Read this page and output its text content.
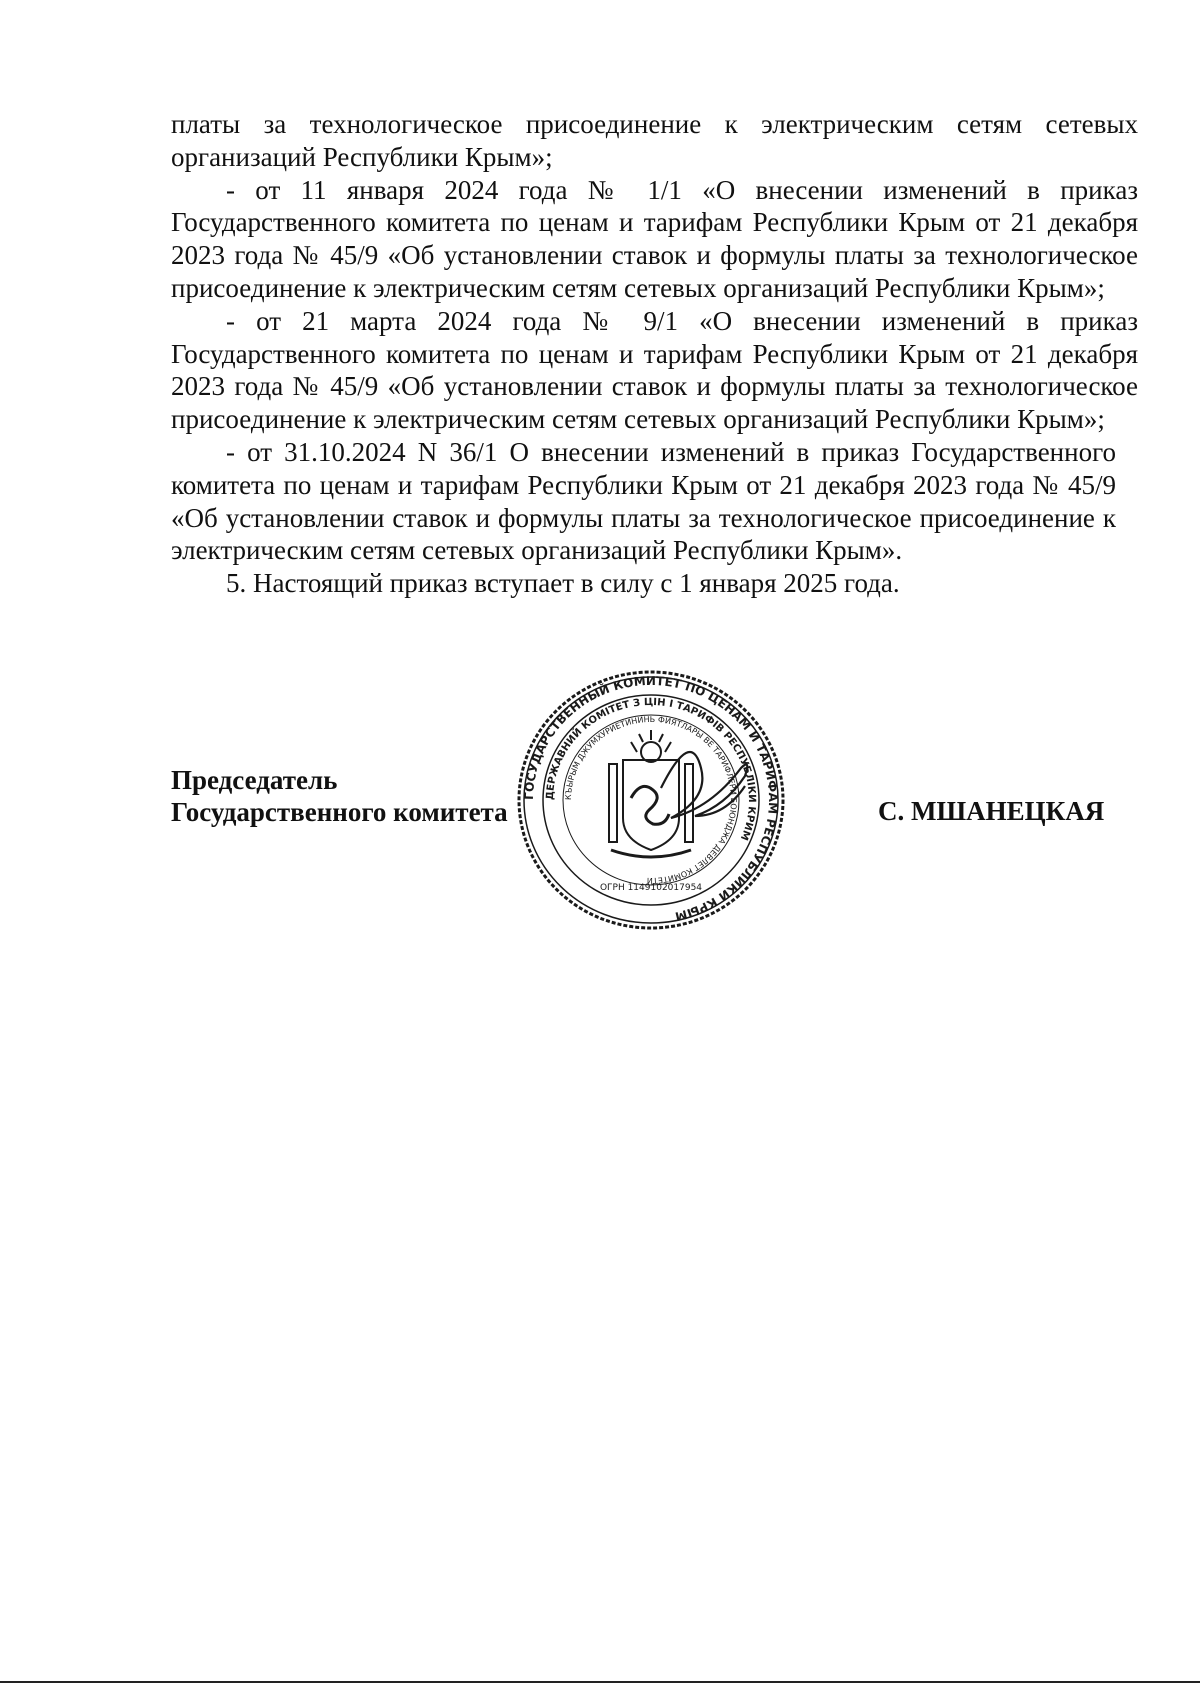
платы за технологическое присоединение к электрическим сетям сетевых организаций Республики Крым»;

- от 11 января 2024 года № 1/1 «О внесении изменений в приказ Государственного комитета по ценам и тарифам Республики Крым от 21 декабря 2023 года № 45/9 «Об установлении ставок и формулы платы за технологическое присоединение к электрическим сетям сетевых организаций Республики Крым»;

- от 21 марта 2024 года № 9/1 «О внесении изменений в приказ Государственного комитета по ценам и тарифам Республики Крым от 21 декабря 2023 года № 45/9 «Об установлении ставок и формулы платы за технологическое присоединение к электрическим сетям сетевых организаций Республики Крым»;

- от 31.10.2024 N 36/1 О внесении изменений в приказ Государственного комитета по ценам и тарифам Республики Крым от 21 декабря 2023 года № 45/9 «Об установлении ставок и формулы платы за технологическое присоединение к электрическим сетям сетевых организаций Республики Крым».

5. Настоящий приказ вступает в силу с 1 января 2025 года.

Председатель
Государственного комитета	С. МШАНЕЦКАЯ
ГОСУДАРСТВЕННЫЙ КОМИТЕТ ПО ЦЕНАМ И ТАРИФАМ РЕСПУБЛИКИ КРЫМ
ДЕРЖАВНИЙ КОМІТЕТ З ЦІН І ТАРИФІВ РЕСПУБЛІКИ КРИМ
КЪЫРЫМ ДЖУМХУРИЕТИНИНЬ ФИЯТЛАРЫ ВЕ ТАРИФЛЕРИ БОЮНДЖА ДЕВЛЕТ КОМИТЕТИ
ОГРН 1149102017954
